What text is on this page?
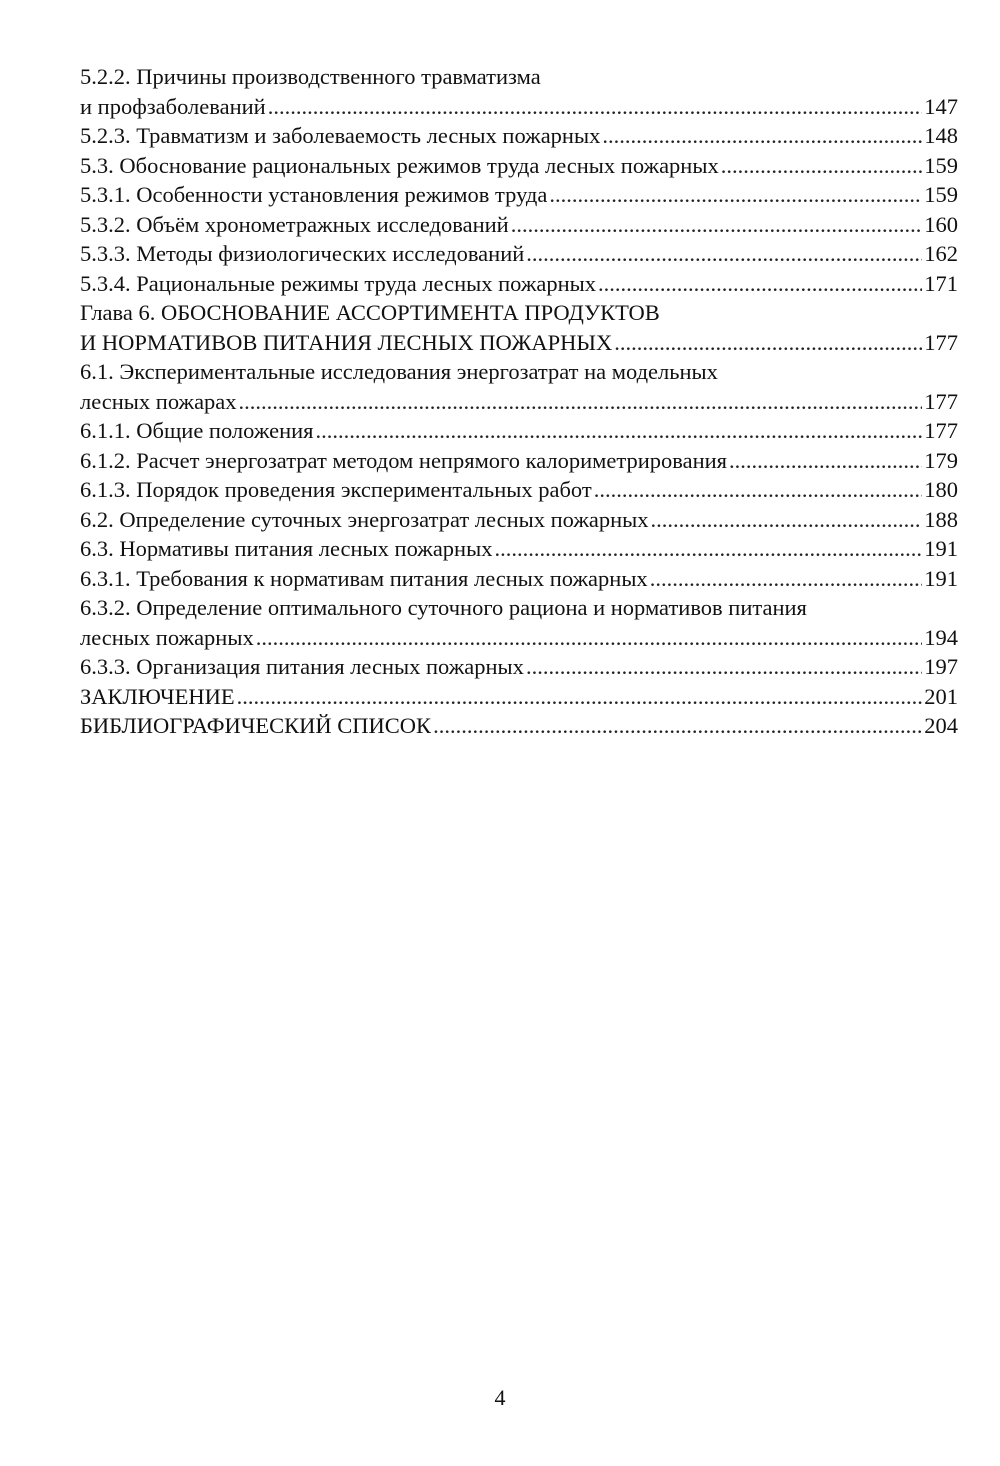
5.2.2. Причины производственного травматизма
и профзаболеваний .....	147
5.2.3. Травматизм и заболеваемость лесных пожарных .....	148
5.3. Обоснование рациональных режимов труда лесных пожарных .....	159
5.3.1. Особенности установления режимов труда .....	159
5.3.2. Объём хронометражных исследований .....	160
5.3.3. Методы физиологических исследований .....	162
5.3.4. Рациональные режимы труда лесных пожарных .....	171
Глава 6. ОБОСНОВАНИЕ АССОРТИМЕНТА ПРОДУКТОВ
И НОРМАТИВОВ ПИТАНИЯ ЛЕСНЫХ ПОЖАРНЫХ .....	177
6.1. Экспериментальные исследования энергозатрат на модельных
лесных пожарах .....	177
6.1.1. Общие положения .....	177
6.1.2. Расчет энергозатрат методом непрямого калориметрирования .....	179
6.1.3. Порядок проведения экспериментальных работ .....	180
6.2. Определение суточных энергозатрат лесных пожарных .....	188
6.3. Нормативы питания лесных пожарных .....	191
6.3.1. Требования к нормативам питания лесных пожарных .....	191
6.3.2. Определение оптимального суточного рациона и нормативов питания
лесных пожарных .....	194
6.3.3. Организация питания лесных пожарных .....	197
ЗАКЛЮЧЕНИЕ .....	201
БИБЛИОГРАФИЧЕСКИЙ СПИСОК .....	204
4
